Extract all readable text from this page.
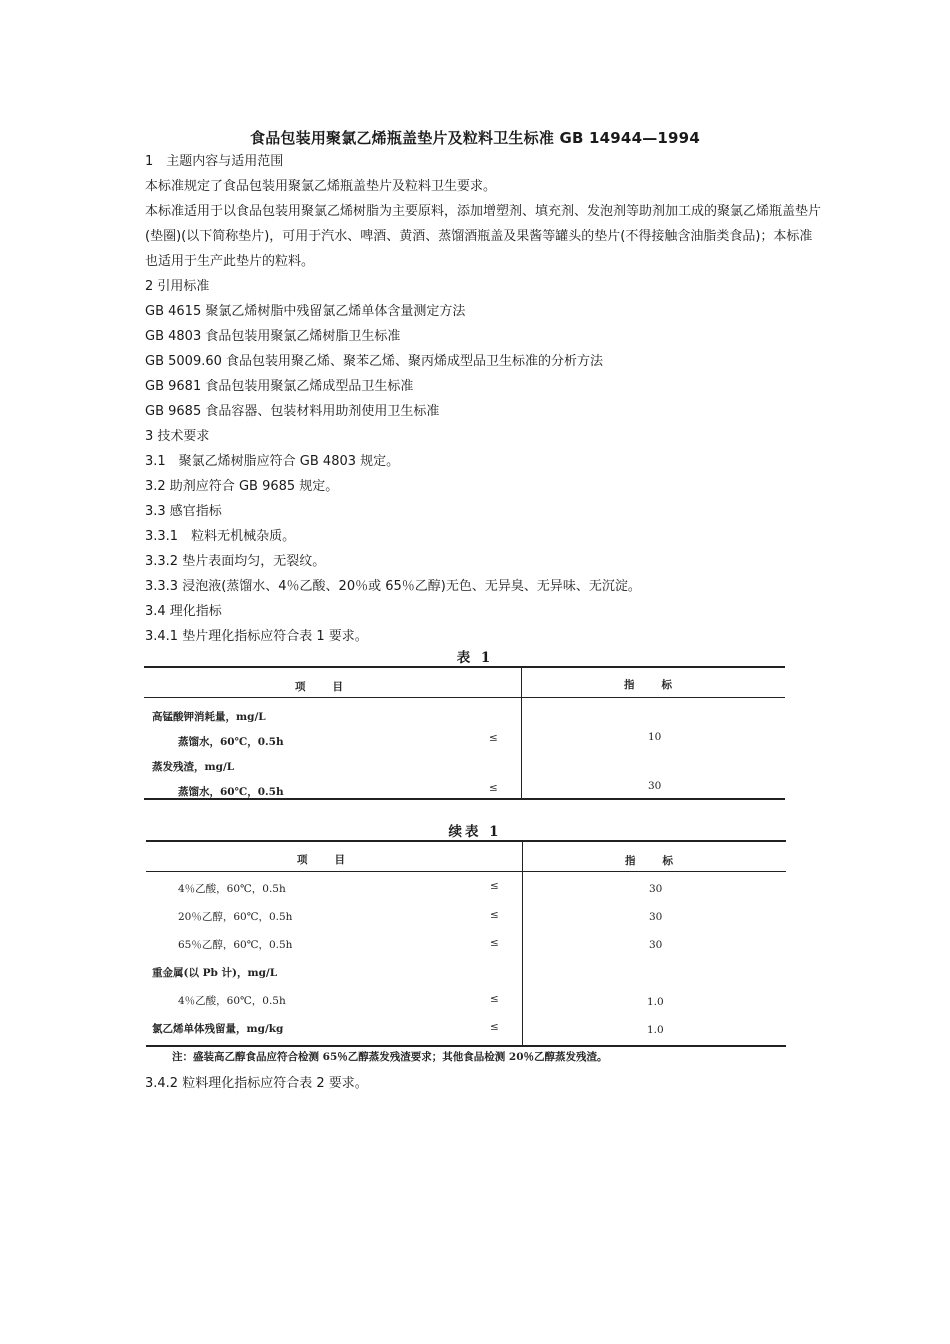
食品包装用聚氯乙烯瓶盖垫片及粒料卫生标准 GB 14944—1994
1　主题内容与适用范围
本标准规定了食品包装用聚氯乙烯瓶盖垫片及粒料卫生要求。
本标准适用于以食品包装用聚氯乙烯树脂为主要原料，添加增塑剂、填充剂、发泡剂等助剂加工成的聚氯乙烯瓶盖垫片(垫圈)(以下简称垫片)，可用于汽水、啤酒、黄酒、蒸馏酒瓶盖及果酱等罐头的垫片(不得接触含油脂类食品)；本标准也适用于生产此垫片的粒料。
2 引用标准
GB 4615 聚氯乙烯树脂中残留氯乙烯单体含量测定方法
GB 4803 食品包装用聚氯乙烯树脂卫生标准
GB 5009.60 食品包装用聚乙烯、聚苯乙烯、聚丙烯成型品卫生标准的分析方法
GB 9681 食品包装用聚氯乙烯成型品卫生标准
GB 9685 食品容器、包装材料用助剂使用卫生标准
3 技术要求
3.1　聚氯乙烯树脂应符合 GB 4803 规定。
3.2 助剂应符合 GB 9685 规定。
3.3 感官指标
3.3.1　粒料无机械杂质。
3.3.2 垫片表面均匀，无裂纹。
3.3.3 浸泡液(蒸馏水、4％乙酸、20％或 65％乙醇)无色、无异臭、无异味、无沉淀。
3.4 理化指标
3.4.1 垫片理化指标应符合表 1 要求。
表 1
项　　目	指　　标
高锰酸钾消耗量，mg/L
蒸馏水，60℃，0.5h	≤	10
蒸发残渣，mg/L
蒸馏水，60℃，0.5h	≤	30
续表 1
项　　目	指　　标
4％乙酸，60℃，0.5h	≤	30
20％乙醇，60℃，0.5h	≤	30
65％乙醇，60℃，0.5h	≤	30
重金属(以 Pb 计)，mg/L
4％乙酸，60℃，0.5h	≤	1.0
氯乙烯单体残留量，mg/kg	≤	1.0
注：盛装高乙醇食品应符合检测 65％乙醇蒸发残渣要求；其他食品检测 20％乙醇蒸发残渣。
3.4.2 粒料理化指标应符合表 2 要求。
